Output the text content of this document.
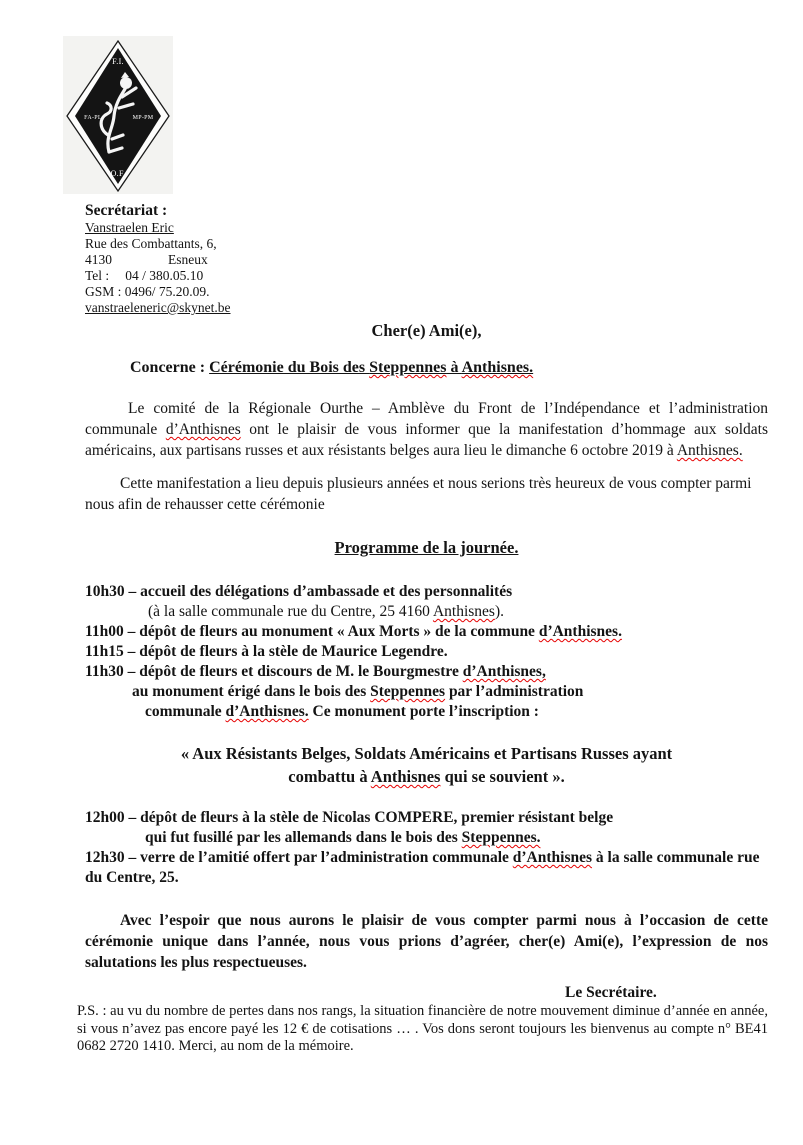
F.I.
FA-PL	MP-PM
O.F.
Secrétariat :
Vanstraelen Eric
Rue des Combattants, 6,
4130	Esneux
Tel : 04 / 380.05.10
GSM : 0496/ 75.20.09.
vanstraeleneric@skynet.be
Cher(e) Ami(e),
Concerne : Cérémonie du Bois des Steppennes à Anthisnes.

Le comité de la Régionale Ourthe – Amblève du Front de l’Indépendance et l’administration communale d’Anthisnes ont le plaisir de vous informer que la manifestation d’hommage aux soldats américains, aux partisans russes et aux résistants belges aura lieu le dimanche 6 octobre 2019 à Anthisnes.

Cette manifestation a lieu depuis plusieurs années et nous serions très heureux de vous compter parmi nous afin de rehausser cette cérémonie

Programme de la journée.
10h30 – accueil des délégations d’ambassade et des personnalités
(à la salle communale rue du Centre, 25 4160 Anthisnes).
11h00 – dépôt de fleurs au monument « Aux Morts » de la commune d’Anthisnes.
11h15 – dépôt de fleurs à la stèle de Maurice Legendre.
11h30 – dépôt de fleurs et discours de M. le Bourgmestre d’Anthisnes,
au monument érigé dans le bois des Steppennes par l’administration
communale d’Anthisnes. Ce monument porte l’inscription :
« Aux Résistants Belges, Soldats Américains et Partisans Russes ayant
combattu à Anthisnes qui se souvient ».
12h00 – dépôt de fleurs à la stèle de Nicolas COMPERE, premier résistant belge
qui fut fusillé par les allemands dans le bois des Steppennes.
12h30 – verre de l’amitié offert par l’administration communale d’Anthisnes à la salle communale rue du Centre, 25.

Avec l’espoir que nous aurons le plaisir de vous compter parmi nous à l’occasion de cette cérémonie unique dans l’année, nous vous prions d’agréer, cher(e) Ami(e), l’expression de nos salutations les plus respectueuses.

Le Secrétaire.

P.S. : au vu du nombre de pertes dans nos rangs, la situation financière de notre mouvement diminue d’année en année, si vous n’avez pas encore payé les 12 € de cotisations … . Vos dons seront toujours les bienvenus au compte n° BE41 0682 2720 1410. Merci, au nom de la mémoire.
